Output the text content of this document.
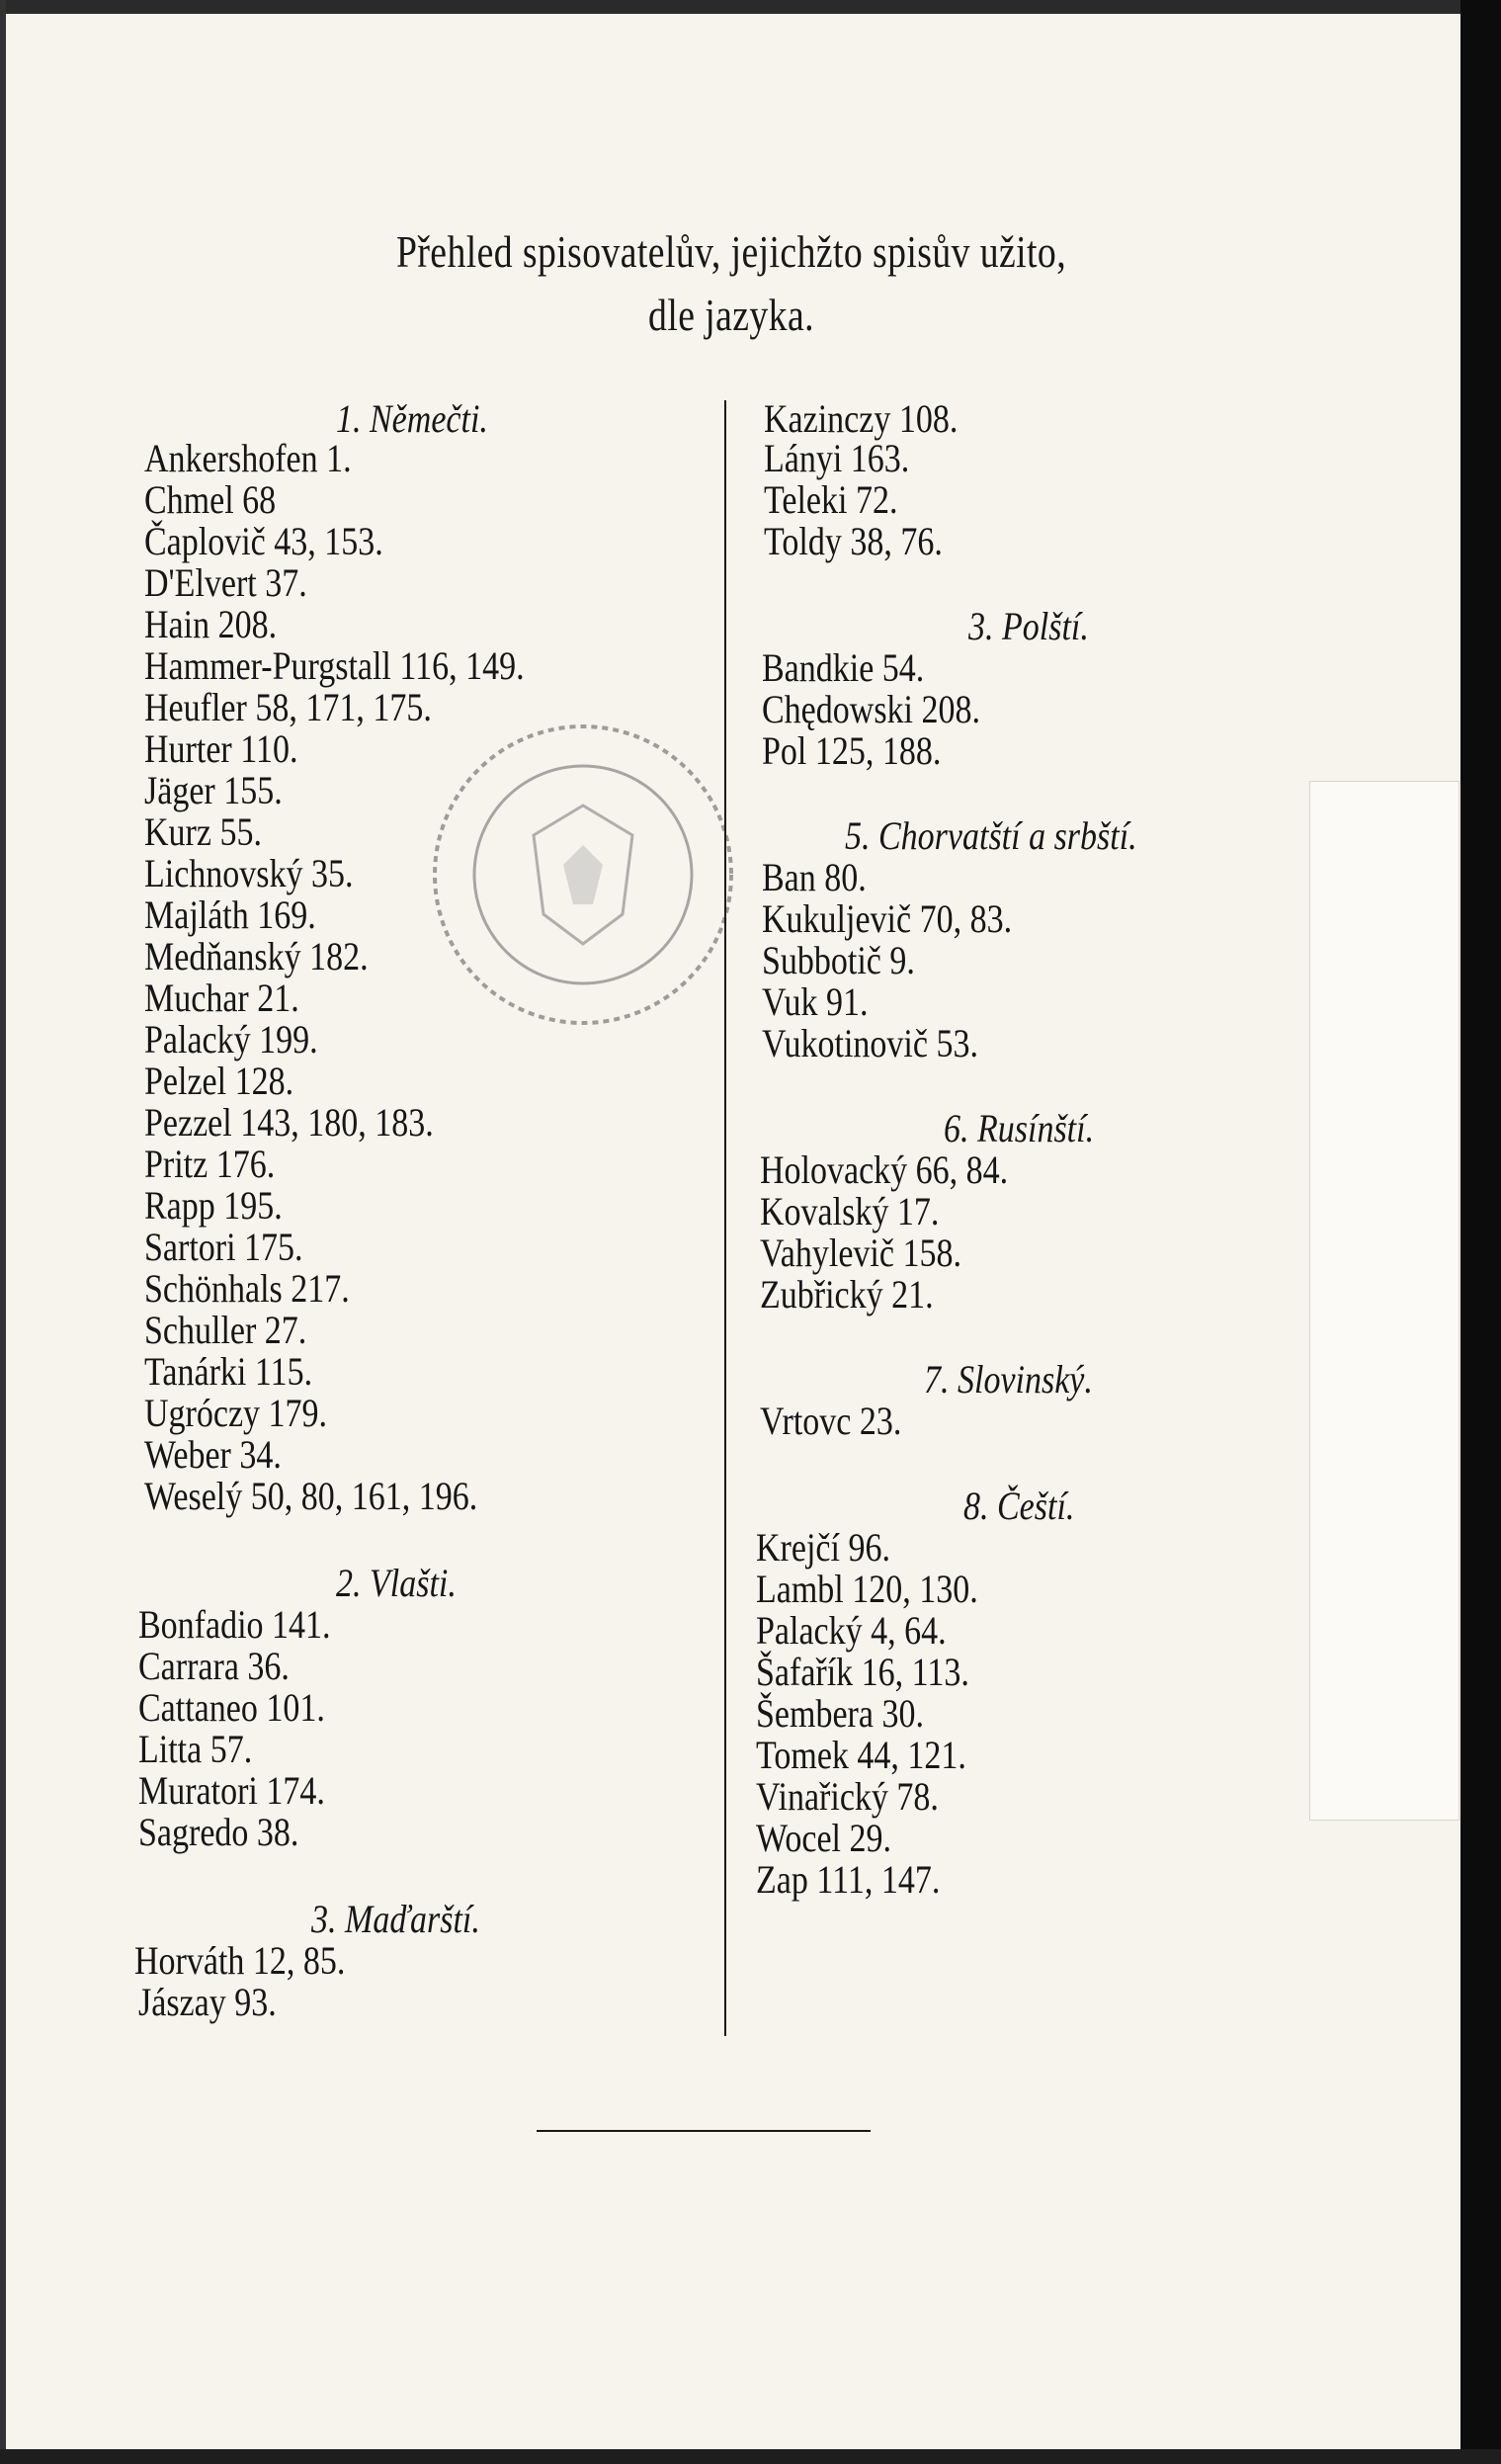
Přehled spisovatelův, jejichžto spisův užito,
dle jazyka.
1. Němečti.
Ankershofen 1.
Chmel 68
Čaplovič 43, 153.
D'Elvert 37.
Hain 208.
Hammer-Purgstall 116, 149.
Heufler 58, 171, 175.
Hurter 110.
Jäger 155.
Kurz 55.
Lichnovský 35.
Majláth 169.
Medňanský 182.
Muchar 21.
Palacký 199.
Pelzel 128.
Pezzel 143, 180, 183.
Pritz 176.
Rapp 195.
Sartori 175.
Schönhals 217.
Schuller 27.
Tanárki 115.
Ugróczy 179.
Weber 34.
Weselý 50, 80, 161, 196.
2. Vlašti.
Bonfadio 141.
Carrara 36.
Cattaneo 101.
Litta 57.
Muratori 174.
Sagredo 38.
3. Maďarští.
Horváth 12, 85.
Jászay 93.
Kazinczy 108.
Lányi 163.
Teleki 72.
Toldy 38, 76.
3. Polští.
Bandkie 54.
Chędowski 208.
Pol 125, 188.
5. Chorvatští a srbští.
Ban 80.
Kukuljevič 70, 83.
Subbotič 9.
Vuk 91.
Vukotinovič 53.
6. Rusínští.
Holovacký 66, 84.
Kovalský 17.
Vahylevič 158.
Zubřický 21.
7. Slovinský.
Vrtovc 23.
8. Čeští.
Krejčí 96.
Lambl 120, 130.
Palacký 4, 64.
Šafařík 16, 113.
Šembera 30.
Tomek 44, 121.
Vinařický 78.
Wocel 29.
Zap 111, 147.
